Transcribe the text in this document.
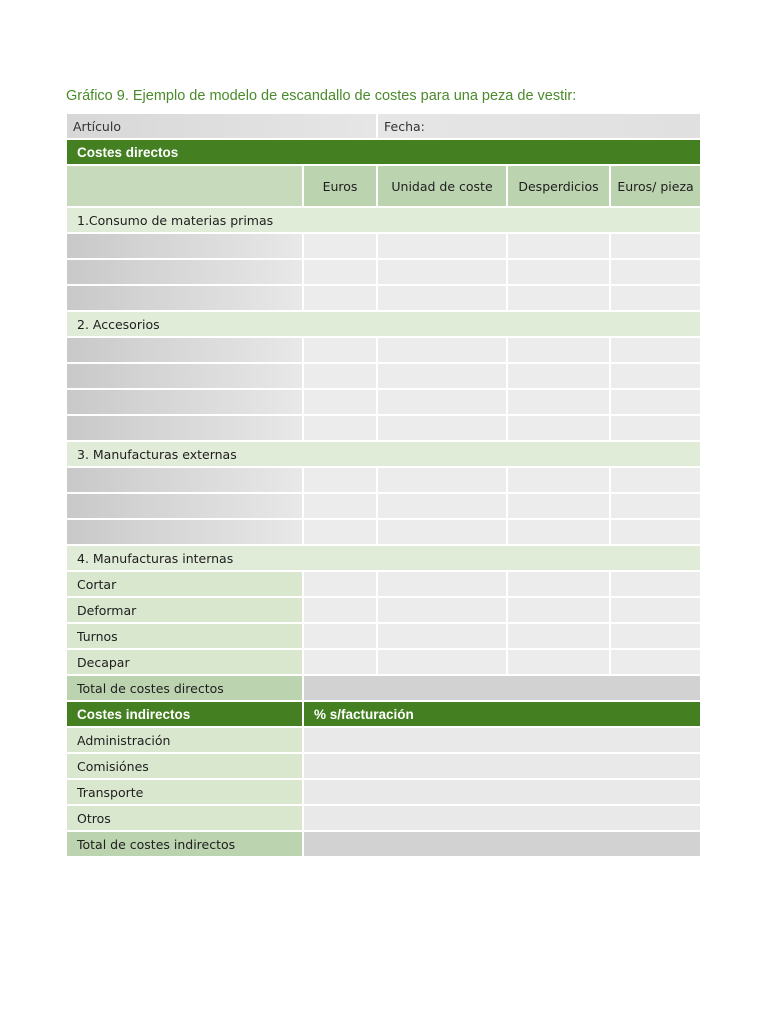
Gráfico 9. Ejemplo de modelo de escandallo de costes para una peza de vestir:
Artículo		Fecha:		
Costes directos				
	Euros	Unidad de coste	Desperdicios	Euros/ pieza
1.Consumo de materias primas				

2. Accesorios				

3. Manufacturas externas				

4. Manufacturas internas				
Cortar				
Deformar				
Turnos				
Decapar				
Total de costes directos				
Costes indirectos	% s/facturación			
Administración				
Comisiónes				
Transporte				
Otros				
Total de costes indirectos				
